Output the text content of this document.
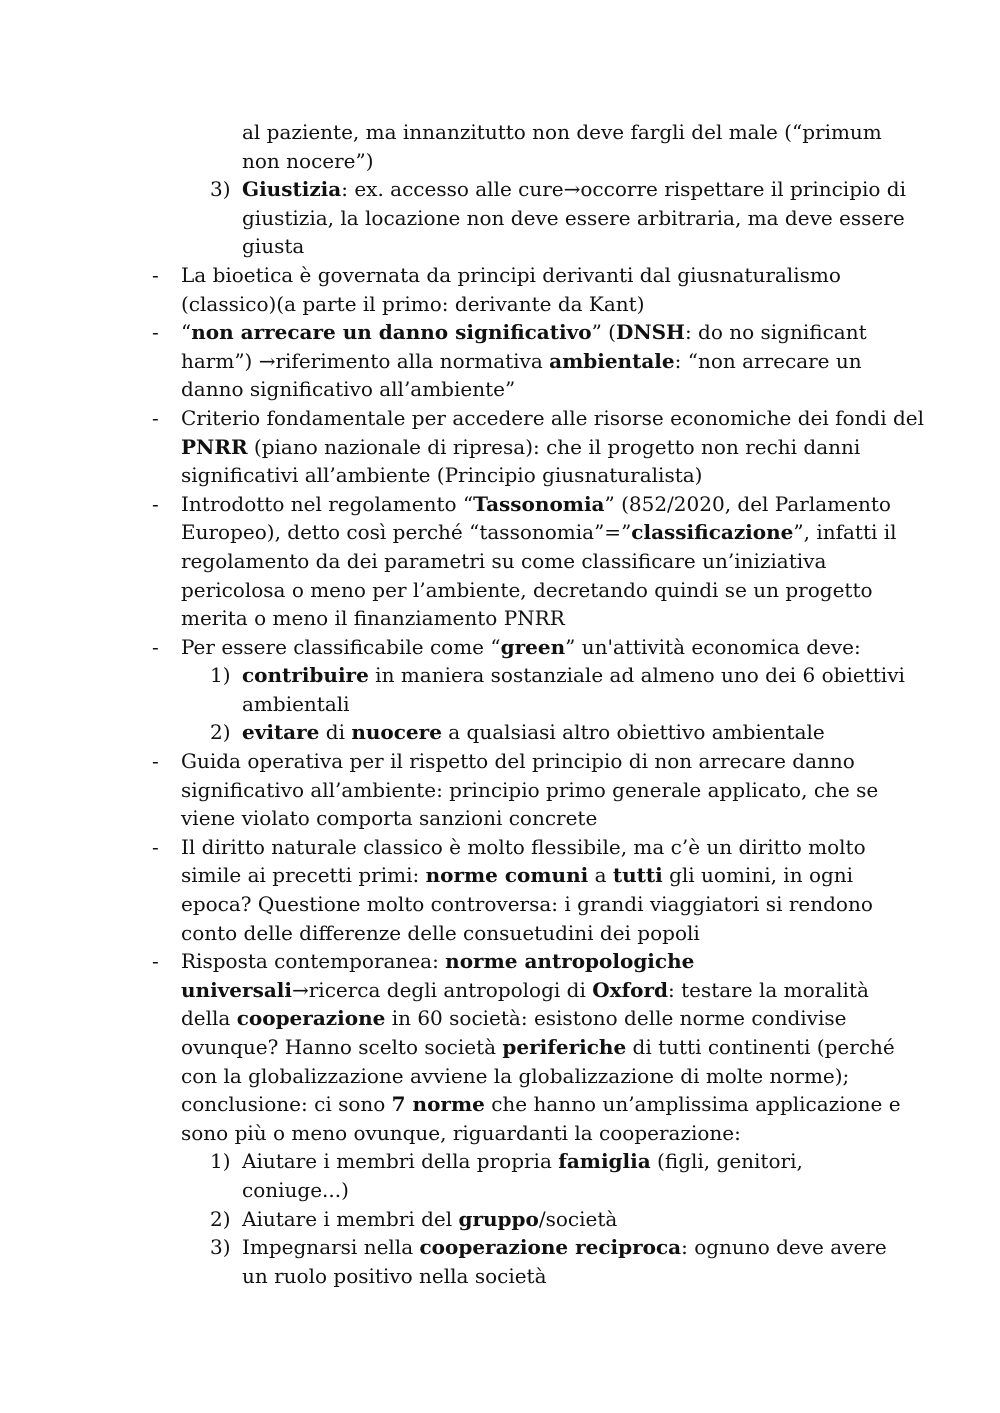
al paziente, ma innanzitutto non deve fargli del male (“primum
non nocere”)
3) Giustizia: ex. accesso alle cure→occorre rispettare il principio di
giustizia, la locazione non deve essere arbitraria, ma deve essere
giusta
- La bioetica è governata da principi derivanti dal giusnaturalismo
(classico)(a parte il primo: derivante da Kant)
- “non arrecare un danno significativo” (DNSH: do no significant
harm”) →riferimento alla normativa ambientale: “non arrecare un
danno significativo all’ambiente”
- Criterio fondamentale per accedere alle risorse economiche dei fondi del
PNRR (piano nazionale di ripresa): che il progetto non rechi danni
significativi all’ambiente (Principio giusnaturalista)
- Introdotto nel regolamento “Tassonomia” (852/2020, del Parlamento
Europeo), detto così perché “tassonomia”=”classificazione”, infatti il
regolamento da dei parametri su come classificare un’iniziativa
pericolosa o meno per l’ambiente, decretando quindi se un progetto
merita o meno il finanziamento PNRR
- Per essere classificabile come “green” un'attività economica deve:
1) contribuire in maniera sostanziale ad almeno uno dei 6 obiettivi
ambientali
2) evitare di nuocere a qualsiasi altro obiettivo ambientale
- Guida operativa per il rispetto del principio di non arrecare danno
significativo all’ambiente: principio primo generale applicato, che se
viene violato comporta sanzioni concrete
- Il diritto naturale classico è molto flessibile, ma c’è un diritto molto
simile ai precetti primi: norme comuni a tutti gli uomini, in ogni
epoca? Questione molto controversa: i grandi viaggiatori si rendono
conto delle differenze delle consuetudini dei popoli
- Risposta contemporanea: norme antropologiche
universali→ricerca degli antropologi di Oxford: testare la moralità
della cooperazione in 60 società: esistono delle norme condivise
ovunque? Hanno scelto società periferiche di tutti continenti (perché
con la globalizzazione avviene la globalizzazione di molte norme);
conclusione: ci sono 7 norme che hanno un’amplissima applicazione e
sono più o meno ovunque, riguardanti la cooperazione:
1) Aiutare i membri della propria famiglia (figli, genitori,
coniuge...)
2) Aiutare i membri del gruppo/società
3) Impegnarsi nella cooperazione reciproca: ognuno deve avere
un ruolo positivo nella società
